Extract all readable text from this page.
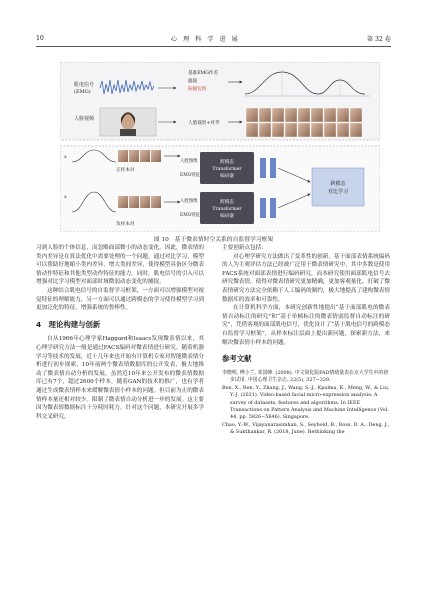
10	心 理 科 学 进 展	第 32 卷
肌电信号
(EMG)
基准EMG作差
滤波
振幅包络
人脸视频
人脸裁剪+对齐
x
正样本对
x
负样本对
人脸图像
EMG特征
跨模态
Transformer
编码器
人脸图像
EMG特征
跨模态
Transformer
编码器
跨模态
对比学习
图 10　基于微表情时空关系的自监督学习框架

习到人脸的个体信息，而忽略面部微小的动态变化。因此，微表情的类内差异是在算法优化中需要处理的一个问题。通过对比学习，模型可以帮助好地缩小类内差异，增大类间差异，使得模型具备区分微表情动作特征和其他类型动作特征的能力。同时，肌电信号的引入可以增强对比学习模型对面部时域微弱动态变化的捕捉。

这种结合肌电信号的自监督学习框架，一方面可以增强模型对视觉特征的理解能力，另一方面可以通过跨模态的学习使得模型学习到更加泛化的特征，增强系统的鲁棒性。

4　理论构建与创新

自从1966年心理学家Haggard和Isaacs发现微表情以来，其心理学研究方法一般是通过FACS编码对微表情进行研究。随着机器学习等技术的发展，近十几年来也开始有计算机专家对智能微表情分析进行初步探索。10年前两个微表情数据库的公开发表，极大地推动了微表情自动分析的发展。虽然近10年来公开发布的微表情数据库已有7个，超过2600个样本。随着GAN的技术的推广，也有学者通过生成微表情样本来缓解微表情小样本的问题。但目前为止的微表情样本量还相对较少。限制了微表情自动分析进一步的发展。这主要因为微表情数据标注十分耗时耗力。针对这个问题，本研究开展多学科交叉研究，

主要创新点包括：

对心理学研究方法做出了变革性的创新。基于面部表情系统编码的人为主观评估方法已经被广泛用于微表情研究中，其中多数是使用FACS系统对面部表情进行编码研究，而本研究使用面部肌电信号去研究微表情，使得对微表情研究更加精确，更加客观量化，打破了微表情研究方法完全依赖于人工编码的制约，极大地提高了建构微表情数据库的效率和可靠性。

在计算机科学方面，本研究创新性地提出“基于面部肌电的微表情自动标注的研究”和“基于单帧标注的微表情弱监督自动标注的研究”，凭借客观的面部肌电信号，优化设计了“基于肌电信号的跨模态自监督学习框架”，从样本标注层面上提出新问题，探索新方法，来解决微表情小样本的问题。

参考文献

李晓明, 傅小兰, 邓国峰. (2008). 中文简化版PAD情绪量表在京大学生中的初步试用. 中国心理卫生杂志, 22(5), 327−329.

Ben, X., Ren, Y., Zhang, J., Wang, S.-J., Kpalma, K., Meng, W., & Liu, Y.-J. (2021). Video-based facial micro-expression analysis: A survey of datasets, features and algorithms. In IEEE Transactions on Pattern Analysis and Machine Intelligence (Vol. 44, pp. 5826−5846). Singapore.

Chao, Y.-W., Vijayanarasimhan, S., Seybold, B., Ross, D. A., Deng, J., & Sukthankar, R. (2018, June). Rethinking the
